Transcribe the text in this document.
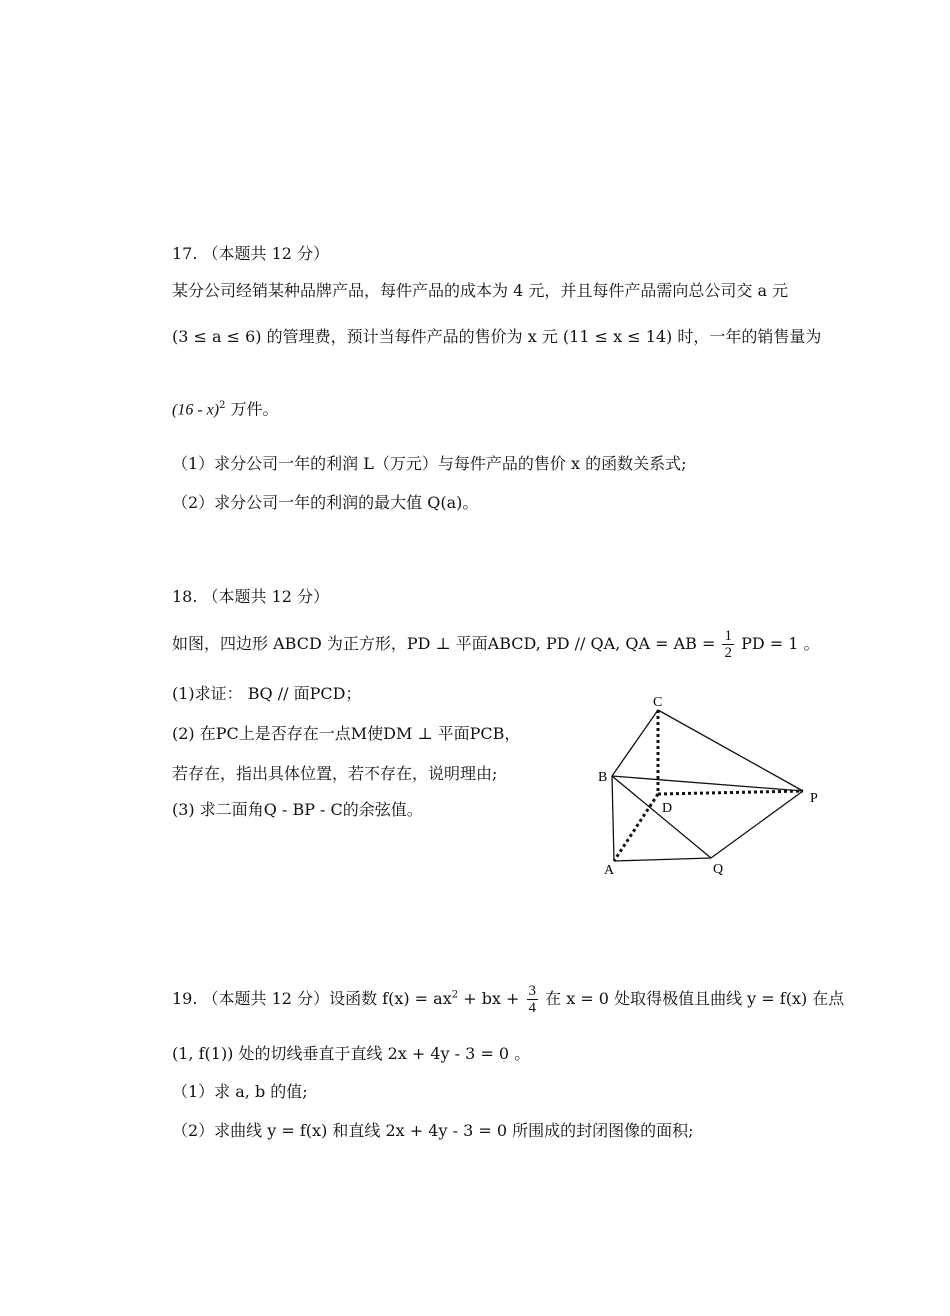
17. （本题共 12 分）
某分公司经销某种品牌产品，每件产品的成本为 4 元，并且每件产品需向总公司交 a 元
(3 ≤ a ≤ 6) 的管理费，预计当每件产品的售价为 x 元 (11 ≤ x ≤ 14) 时，一年的销售量为
(16 - x)$^2$ 万件。
（1）求分公司一年的利润 L（万元）与每件产品的售价 x 的函数关系式;
（2）求分公司一年的利润的最大值 Q(a)。
18. （本题共 12 分）
如图，四边形 ABCD 为正方形，PD ⊥ 平面ABCD, PD // QA, QA = AB = $\frac{1}{2}$ PD = 1 。
(1)求证： BQ // 面PCD；
(2) 在PC上是否存在一点M使DM ⊥ 平面PCB，
若存在，指出具体位置，若不存在，说明理由;
(3) 求二面角Q - BP - C的余弦值。
C
B
D
P
A	Q
19. （本题共 12 分）设函数 $f(x) = ax^2$ + bx + $\frac{3}{4}$ 在 x = 0 处取得极值且曲线 y = f(x) 在点
(1, f(1)) 处的切线垂直于直线 2x + 4y - 3 = 0 。
（1）求 a, b 的值;
（2）求曲线 y = f(x) 和直线 2x + 4y - 3 = 0 所围成的封闭图像的面积;
